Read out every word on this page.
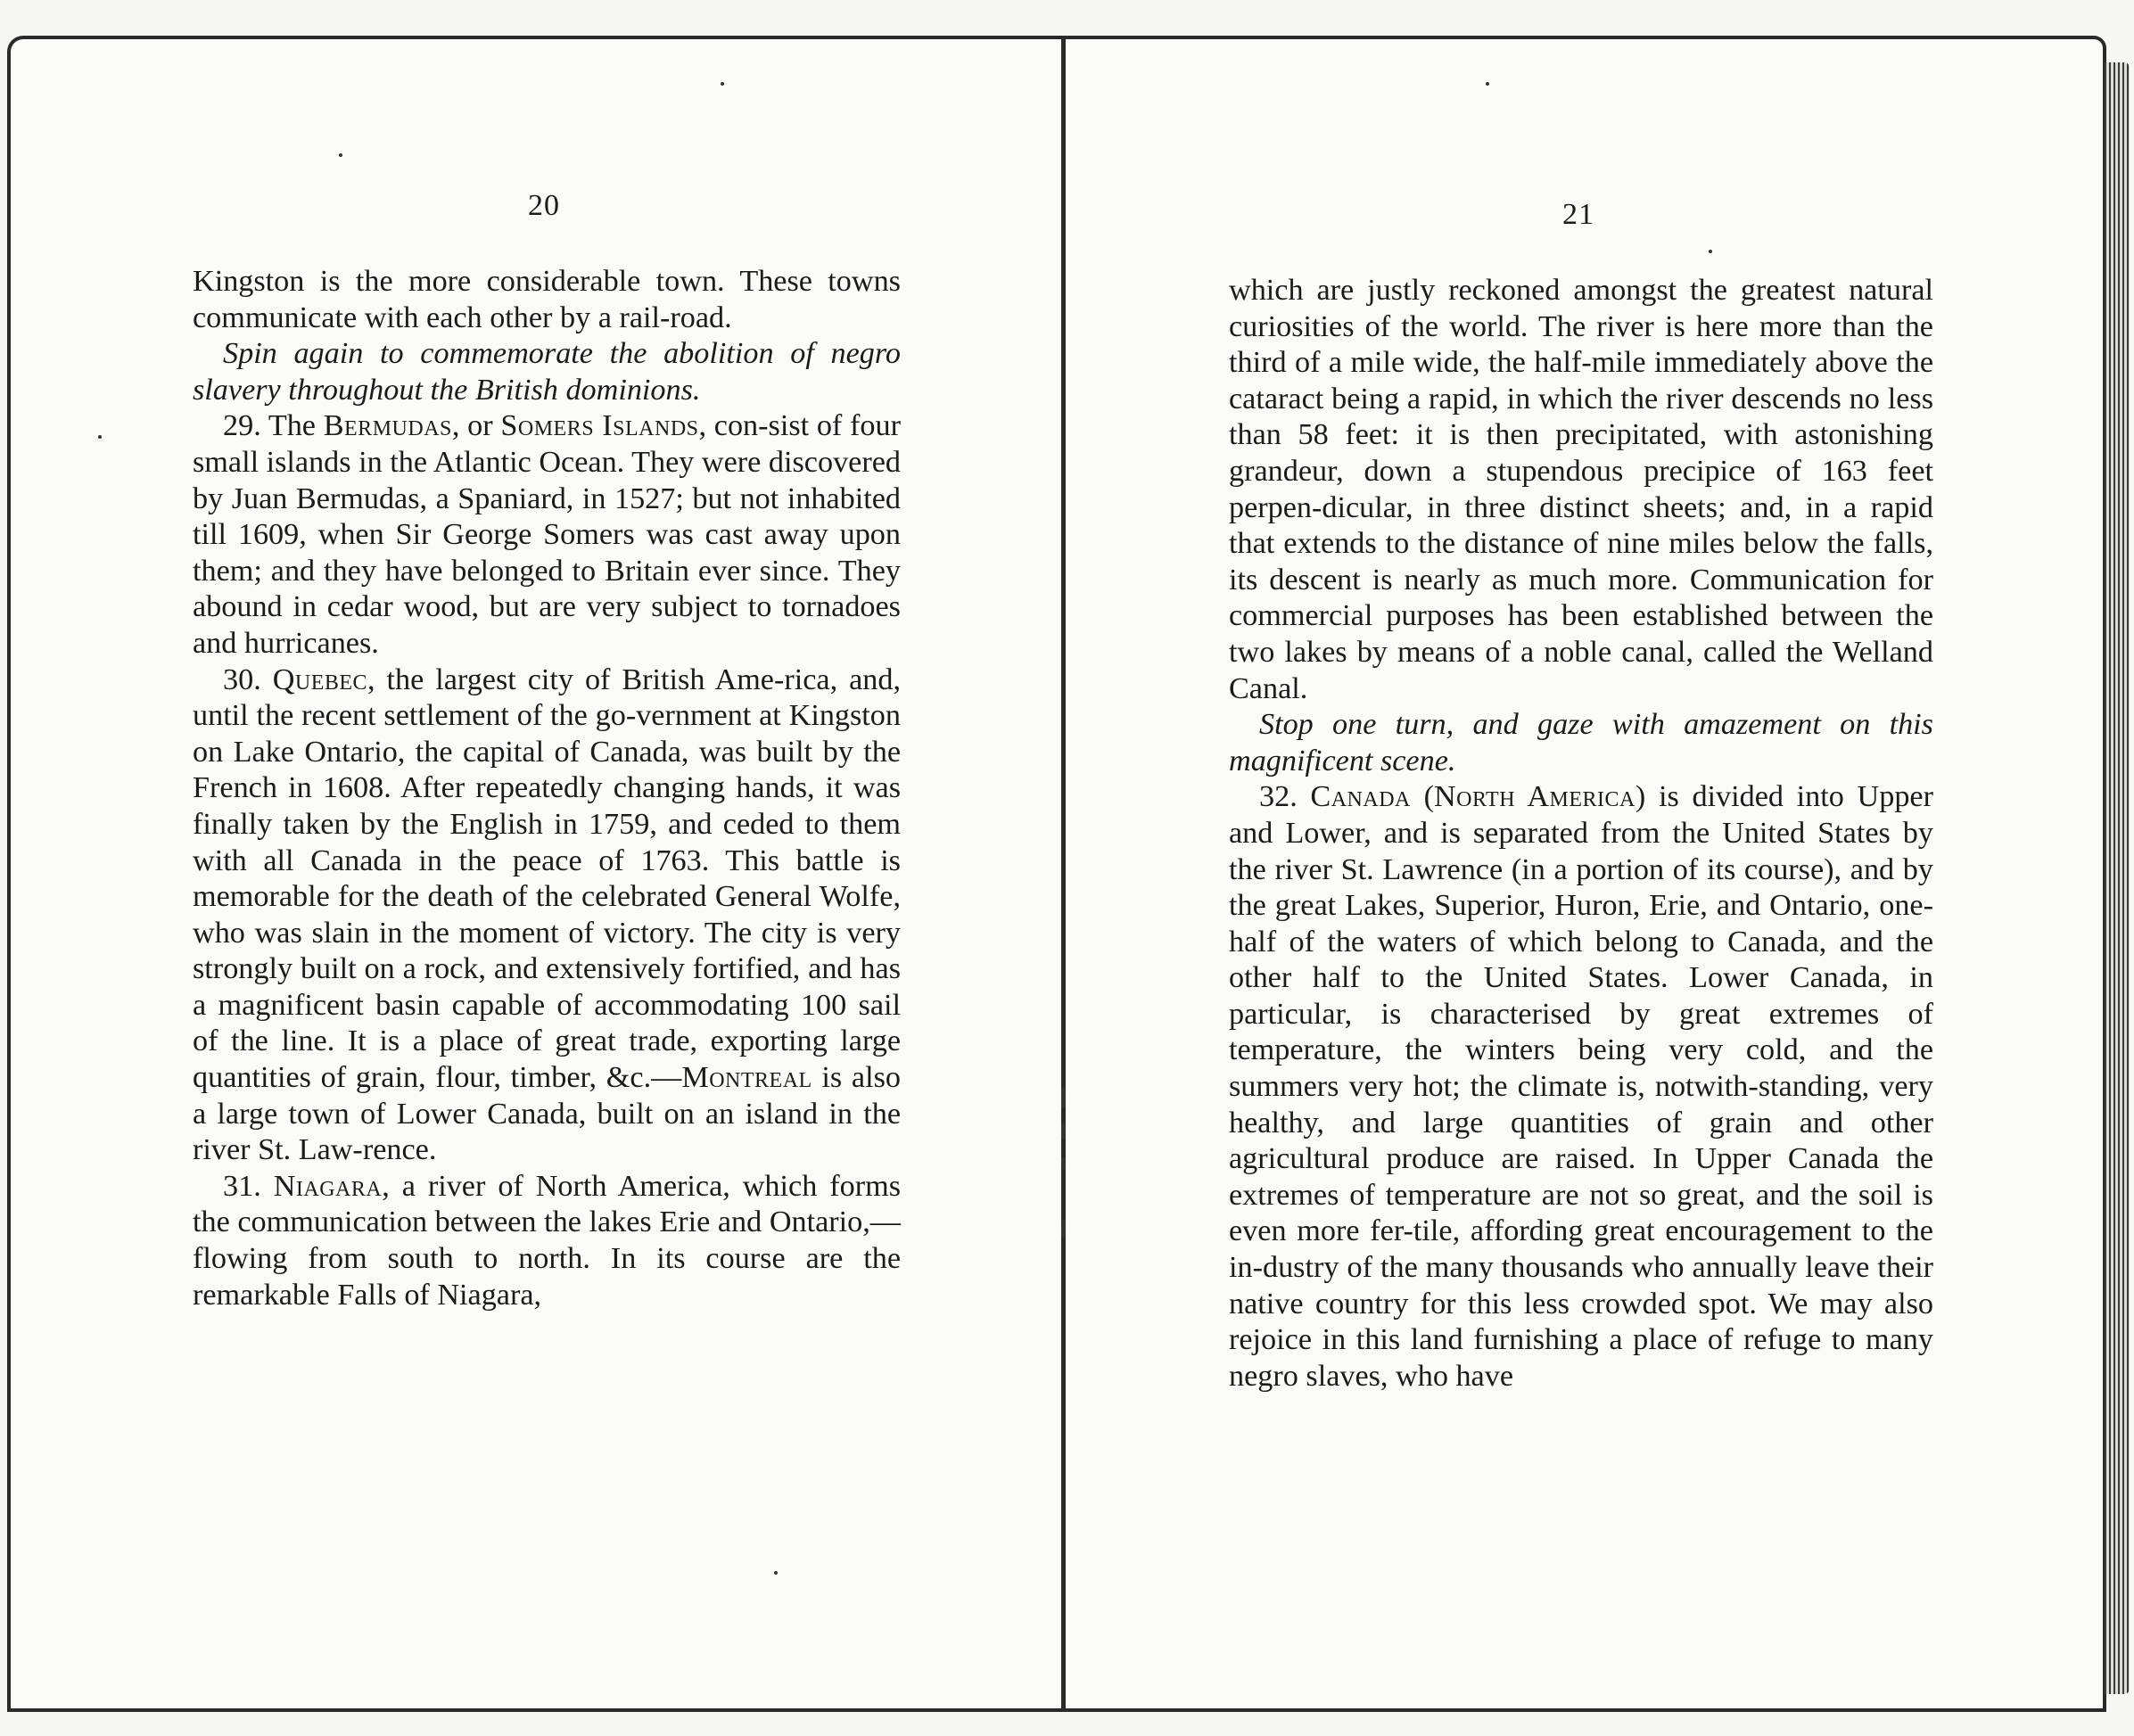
20	21

Kingston is the more considerable town. These towns communicate with each other by a rail-road.

Spin again to commemorate the abolition of negro slavery throughout the British dominions.

29. The Bermudas, or Somers Islands, con-sist of four small islands in the Atlantic Ocean. They were discovered by Juan Bermudas, a Spaniard, in 1527; but not inhabited till 1609, when Sir George Somers was cast away upon them; and they have belonged to Britain ever since. They abound in cedar wood, but are very subject to tornadoes and hurricanes.

30. Quebec, the largest city of British Ame-rica, and, until the recent settlement of the go-vernment at Kingston on Lake Ontario, the capital of Canada, was built by the French in 1608. After repeatedly changing hands, it was finally taken by the English in 1759, and ceded to them with all Canada in the peace of 1763. This battle is memorable for the death of the celebrated General Wolfe, who was slain in the moment of victory. The city is very strongly built on a rock, and extensively fortified, and has a magnificent basin capable of accommodating 100 sail of the line. It is a place of great trade, exporting large quantities of grain, flour, timber, &c.—Montreal is also a large town of Lower Canada, built on an island in the river St. Law-rence.

31. Niagara, a river of North America, which forms the communication between the lakes Erie and Ontario,—flowing from south to north. In its course are the remarkable Falls of Niagara,

which are justly reckoned amongst the greatest natural curiosities of the world. The river is here more than the third of a mile wide, the half-mile immediately above the cataract being a rapid, in which the river descends no less than 58 feet: it is then precipitated, with astonishing grandeur, down a stupendous precipice of 163 feet perpen-dicular, in three distinct sheets; and, in a rapid that extends to the distance of nine miles below the falls, its descent is nearly as much more. Communication for commercial purposes has been established between the two lakes by means of a noble canal, called the Welland Canal.

Stop one turn, and gaze with amazement on this magnificent scene.

32. Canada (North America) is divided into Upper and Lower, and is separated from the United States by the river St. Lawrence (in a portion of its course), and by the great Lakes, Superior, Huron, Erie, and Ontario, one-half of the waters of which belong to Canada, and the other half to the United States. Lower Canada, in particular, is characterised by great extremes of temperature, the winters being very cold, and the summers very hot; the climate is, notwith-standing, very healthy, and large quantities of grain and other agricultural produce are raised. In Upper Canada the extremes of temperature are not so great, and the soil is even more fer-tile, affording great encouragement to the in-dustry of the many thousands who annually leave their native country for this less crowded spot. We may also rejoice in this land furnishing a place of refuge to many negro slaves, who have
